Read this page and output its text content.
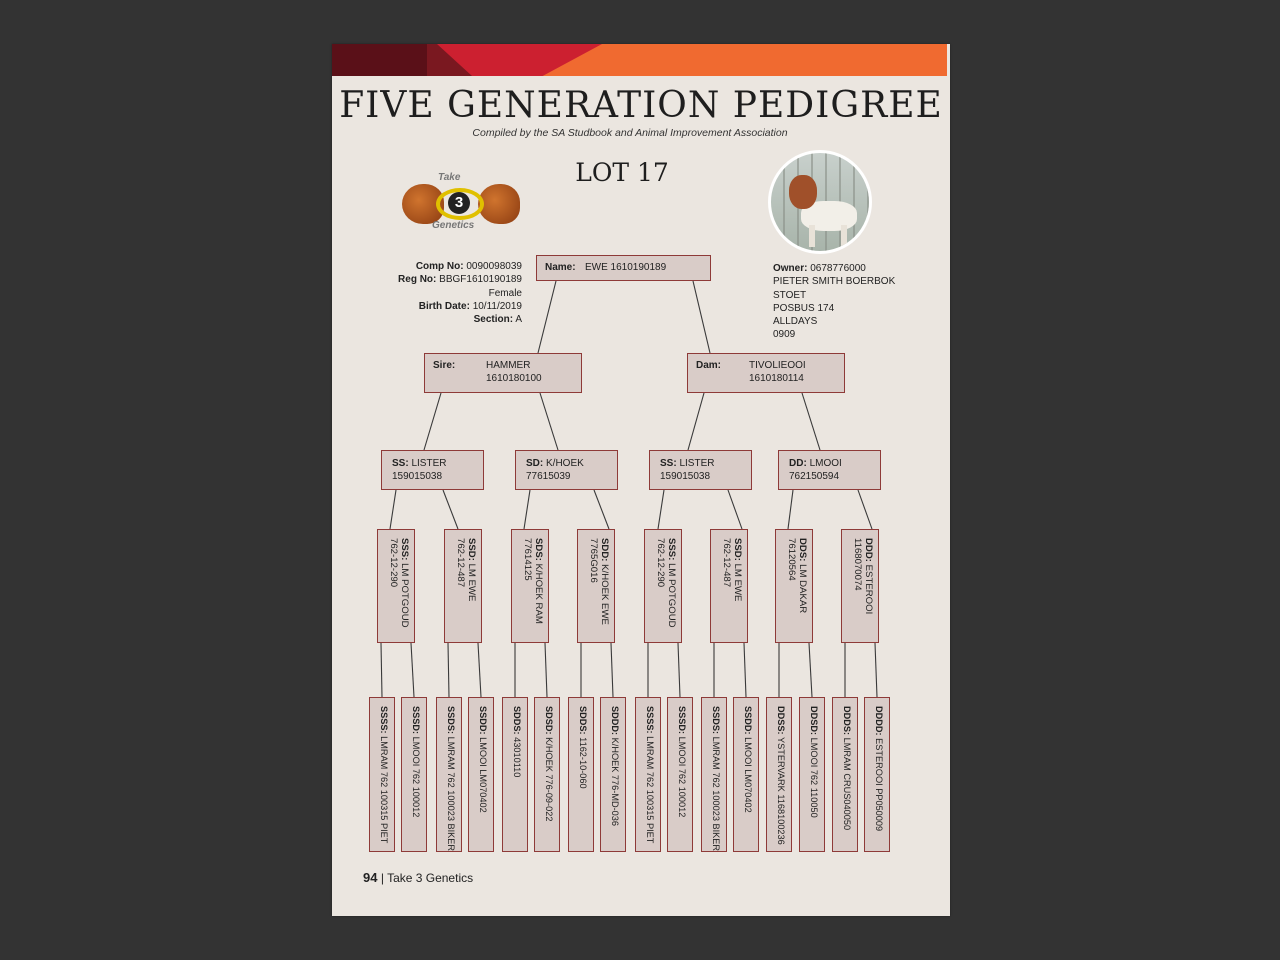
FIVE GENERATION PEDIGREE
Compiled by the SA Studbook and Animal Improvement Association
LOT 17
3
Take
Genetics
Comp No: 0090098039
Reg No: BBGF1610190189
Female
Birth Date: 10/11/2019
Section: A
Owner: 0678776000
PIETER SMITH BOERBOK
STOET
POSBUS 174
ALLDAYS
0909
Name: EWE 1610190189
Sire:	HAMMER
1610180100
Dam:	TIVOLIEOOI
1610180114
SS: LISTER
159015038
SD: K/HOEK
77615039
SS: LISTER
159015038
DD: LMOOI
762150594
SSS: LM POTGOUD
762-12-290	SSD: LM EWE
762-12-487	SDS: K/HOEK RAM
77614125	SDD: K/HOEK EWE
7765G016	SSS: LM POTGOUD
762-12-290	SSD: LM EWE
762-12-487	DDS: LM DAKAR
76120564	DDD: ESTEROOI
1168070074
SSSS: LMRAM 762 100315 PIET
SSSD: LMOOI 762 100012
SSDS: LMRAM 762 100023 BIKER
SSDD: LMOOI LM070402
SDDS: 43010110
SDSD: K/HOEK 776-09-022
SDDS: 1162-10-060
SDDD: K/HOEK 776-MD-036
SSSS: LMRAM 762 100315 PIET
SSSD: LMOOI 762 100012
SSDS: LMRAM 762 100023 BIKER
SSDD: LMOOI LM070402
DDSS: YSTERVARK 1168100236
DDSD: LMOOI 762 110050
DDDS: LMRAM CRUS040050
DDDD: ESTEROOI PP050009
94 | Take 3 Genetics
